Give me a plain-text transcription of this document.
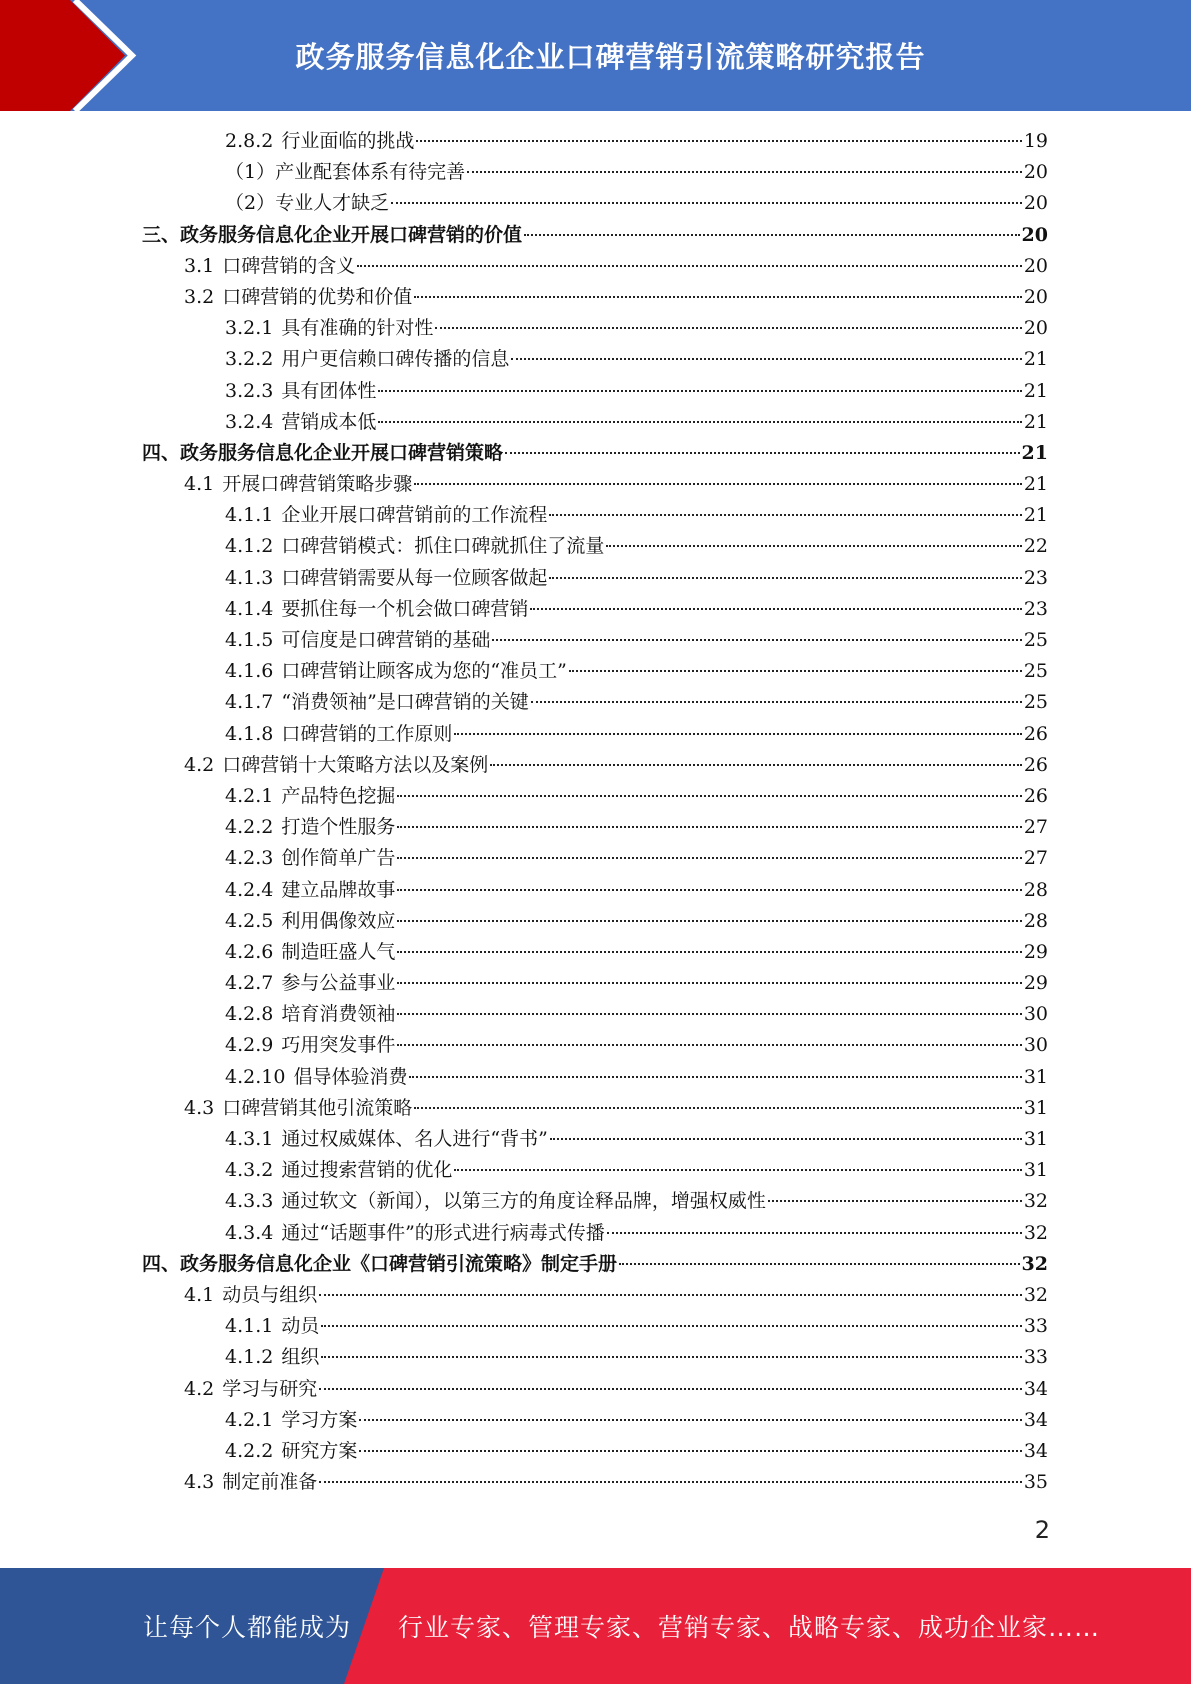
政务服务信息化企业口碑营销引流策略研究报告
2.8.2 行业面临的挑战	19
（1）产业配套体系有待完善	20
（2）专业人才缺乏	20
三、政务服务信息化企业开展口碑营销的价值	20
3.1 口碑营销的含义	20
3.2 口碑营销的优势和价值	20
3.2.1 具有准确的针对性	20
3.2.2 用户更信赖口碑传播的信息	21
3.2.3 具有团体性	21
3.2.4 营销成本低	21
四、政务服务信息化企业开展口碑营销策略	21
4.1 开展口碑营销策略步骤	21
4.1.1 企业开展口碑营销前的工作流程	21
4.1.2 口碑营销模式：抓住口碑就抓住了流量	22
4.1.3 口碑营销需要从每一位顾客做起	23
4.1.4 要抓住每一个机会做口碑营销	23
4.1.5 可信度是口碑营销的基础	25
4.1.6 口碑营销让顾客成为您的“准员工”	25
4.1.7 “消费领袖”是口碑营销的关键	25
4.1.8 口碑营销的工作原则	26
4.2 口碑营销十大策略方法以及案例	26
4.2.1 产品特色挖掘	26
4.2.2 打造个性服务	27
4.2.3 创作简单广告	27
4.2.4 建立品牌故事	28
4.2.5 利用偶像效应	28
4.2.6 制造旺盛人气	29
4.2.7 参与公益事业	29
4.2.8 培育消费领袖	30
4.2.9 巧用突发事件	30
4.2.10 倡导体验消费	31
4.3 口碑营销其他引流策略	31
4.3.1 通过权威媒体、名人进行“背书”	31
4.3.2 通过搜索营销的优化	31
4.3.3 通过软文（新闻），以第三方的角度诠释品牌，增强权威性	32
4.3.4 通过“话题事件”的形式进行病毒式传播	32
四、政务服务信息化企业《口碑营销引流策略》制定手册	32
4.1 动员与组织	32
4.1.1 动员	33
4.1.2 组织	33
4.2 学习与研究	34
4.2.1 学习方案	34
4.2.2 研究方案	34
4.3 制定前准备	35
2
让每个人都能成为 行业专家、管理专家、营销专家、战略专家、成功企业家……
